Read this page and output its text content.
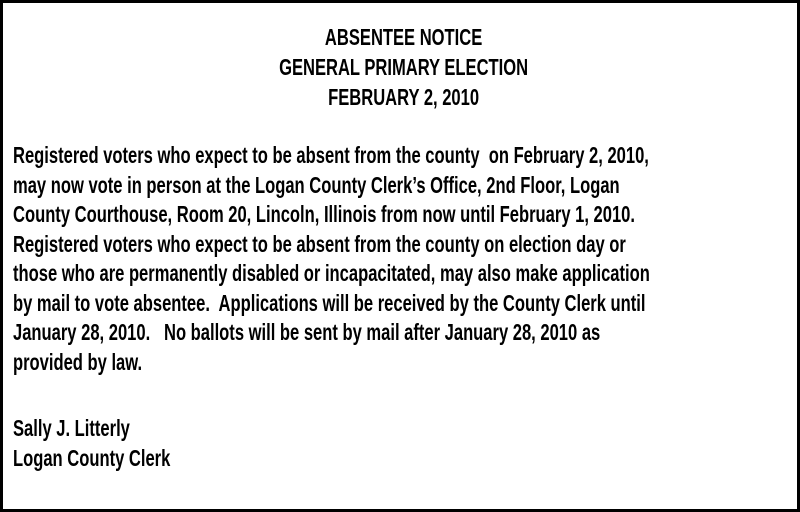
ABSENTEE NOTICE
GENERAL PRIMARY ELECTION
FEBRUARY 2, 2010
Registered voters who expect to be absent from the county  on February 2, 2010,
may now vote in person at the Logan County Clerk’s Office, 2nd Floor, Logan
County Courthouse, Room 20, Lincoln, Illinois from now until February 1, 2010.
Registered voters who expect to be absent from the county on election day or
those who are permanently disabled or incapacitated, may also make application
by mail to vote absentee.  Applications will be received by the County Clerk until
January 28, 2010.   No ballots will be sent by mail after January 28, 2010 as
provided by law.
Sally J. Litterly
Logan County Clerk
